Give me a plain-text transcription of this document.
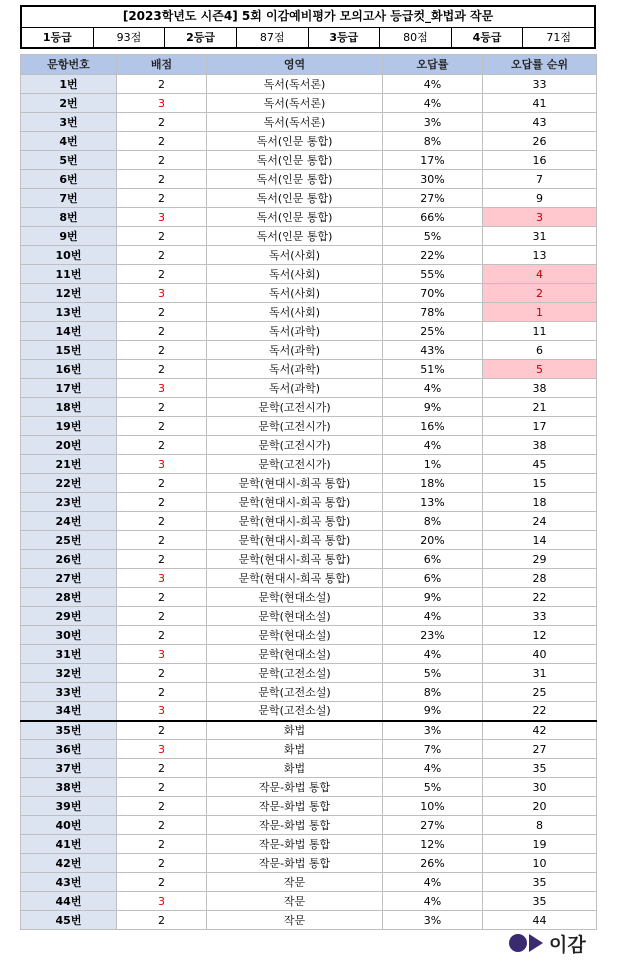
[2023학년도 시즌4] 5회 이감예비평가 모의고사 등급컷_화법과 작문
1등급	93점	2등급	87점	3등급	80점	4등급	71점
문항번호	배점	영역	오답률	오답률 순위
1번	2	독서(독서론)	4%	33
2번	3	독서(독서론)	4%	41
3번	2	독서(독서론)	3%	43
4번	2	독서(인문 통합)	8%	26
5번	2	독서(인문 통합)	17%	16
6번	2	독서(인문 통합)	30%	7
7번	2	독서(인문 통합)	27%	9
8번	3	독서(인문 통합)	66%	3
9번	2	독서(인문 통합)	5%	31
10번	2	독서(사회)	22%	13
11번	2	독서(사회)	55%	4
12번	3	독서(사회)	70%	2
13번	2	독서(사회)	78%	1
14번	2	독서(과학)	25%	11
15번	2	독서(과학)	43%	6
16번	2	독서(과학)	51%	5
17번	3	독서(과학)	4%	38
18번	2	문학(고전시가)	9%	21
19번	2	문학(고전시가)	16%	17
20번	2	문학(고전시가)	4%	38
21번	3	문학(고전시가)	1%	45
22번	2	문학(현대시-희곡 통합)	18%	15
23번	2	문학(현대시-희곡 통합)	13%	18
24번	2	문학(현대시-희곡 통합)	8%	24
25번	2	문학(현대시-희곡 통합)	20%	14
26번	2	문학(현대시-희곡 통합)	6%	29
27번	3	문학(현대시-희곡 통합)	6%	28
28번	2	문학(현대소설)	9%	22
29번	2	문학(현대소설)	4%	33
30번	2	문학(현대소설)	23%	12
31번	3	문학(현대소설)	4%	40
32번	2	문학(고전소설)	5%	31
33번	2	문학(고전소설)	8%	25
34번	3	문학(고전소설)	9%	22
35번	2	화법	3%	42
36번	3	화법	7%	27
37번	2	화법	4%	35
38번	2	작문-화법 통합	5%	30
39번	2	작문-화법 통합	10%	20
40번	2	작문-화법 통합	27%	8
41번	2	작문-화법 통합	12%	19
42번	2	작문-화법 통합	26%	10
43번	2	작문	4%	35
44번	3	작문	4%	35
45번	2	작문	3%	44
이감
